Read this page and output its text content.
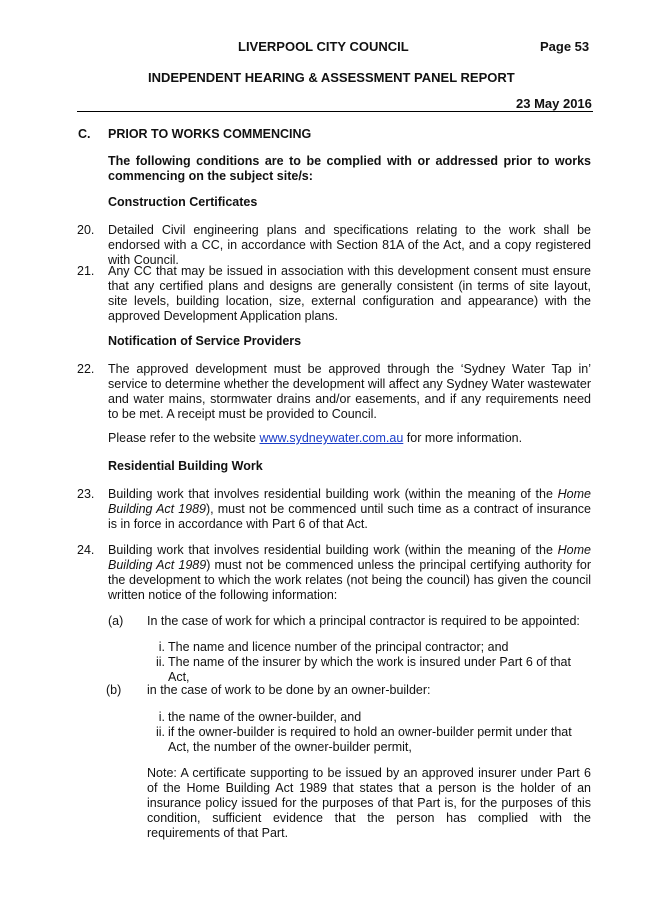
LIVERPOOL CITY COUNCIL	Page 53
INDEPENDENT HEARING & ASSESSMENT PANEL REPORT
23 May 2016
C. PRIOR TO WORKS COMMENCING
The following conditions are to be complied with or addressed prior to works commencing on the subject site/s:
Construction Certificates
20.	Detailed Civil engineering plans and specifications relating to the work shall be endorsed with a CC, in accordance with Section 81A of the Act, and a copy registered with Council.
21.	Any CC that may be issued in association with this development consent must ensure that any certified plans and designs are generally consistent (in terms of site layout, site levels, building location, size, external configuration and appearance) with the approved Development Application plans.
Notification of Service Providers
22.	The approved development must be approved through the ‘Sydney Water Tap in’ service to determine whether the development will affect any Sydney Water wastewater and water mains, stormwater drains and/or easements, and if any requirements need to be met. A receipt must be provided to Council.
Please refer to the website www.sydneywater.com.au for more information.
Residential Building Work
23.	Building work that involves residential building work (within the meaning of the Home Building Act 1989), must not be commenced until such time as a contract of insurance is in force in accordance with Part 6 of that Act.
24.	Building work that involves residential building work (within the meaning of the Home Building Act 1989) must not be commenced unless the principal certifying authority for the development to which the work relates (not being the council) has given the council written notice of the following information:
(a) In the case of work for which a principal contractor is required to be appointed:
i. The name and licence number of the principal contractor; and
ii. The name of the insurer by which the work is insured under Part 6 of that Act,
(b) in the case of work to be done by an owner-builder:
i. the name of the owner-builder, and
ii. if the owner-builder is required to hold an owner-builder permit under that Act, the number of the owner-builder permit,
Note: A certificate supporting to be issued by an approved insurer under Part 6 of the Home Building Act 1989 that states that a person is the holder of an insurance policy issued for the purposes of that Part is, for the purposes of this condition, sufficient evidence that the person has complied with the requirements of that Part.
